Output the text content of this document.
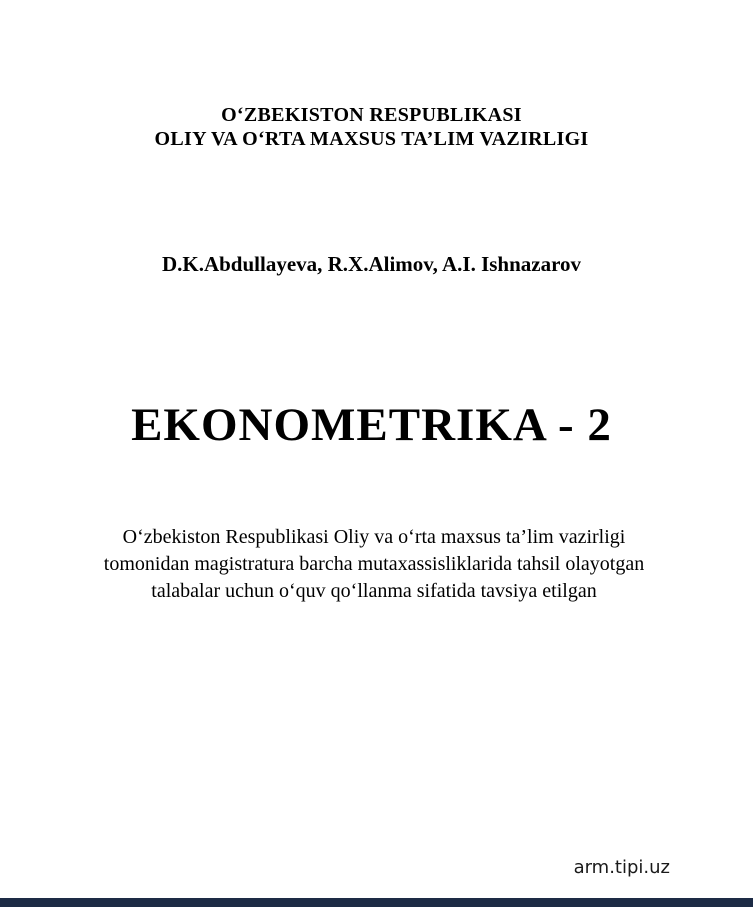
O‘ZBEKISTON RESPUBLIKASI
OLIY VA O‘RTA MAXSUS TA’LIM VAZIRLIGI
D.K.Abdullayeva, R.X.Alimov, A.I. Ishnazarov
EKONOMETRIKA - 2
O‘zbekiston Respublikasi Oliy va o‘rta maxsus ta’lim vazirligi
tomonidan magistratura barcha mutaxassisliklarida tahsil olayotgan
talabalar uchun o‘quv qo‘llanma sifatida tavsiya etilgan
arm.tipi.uz
